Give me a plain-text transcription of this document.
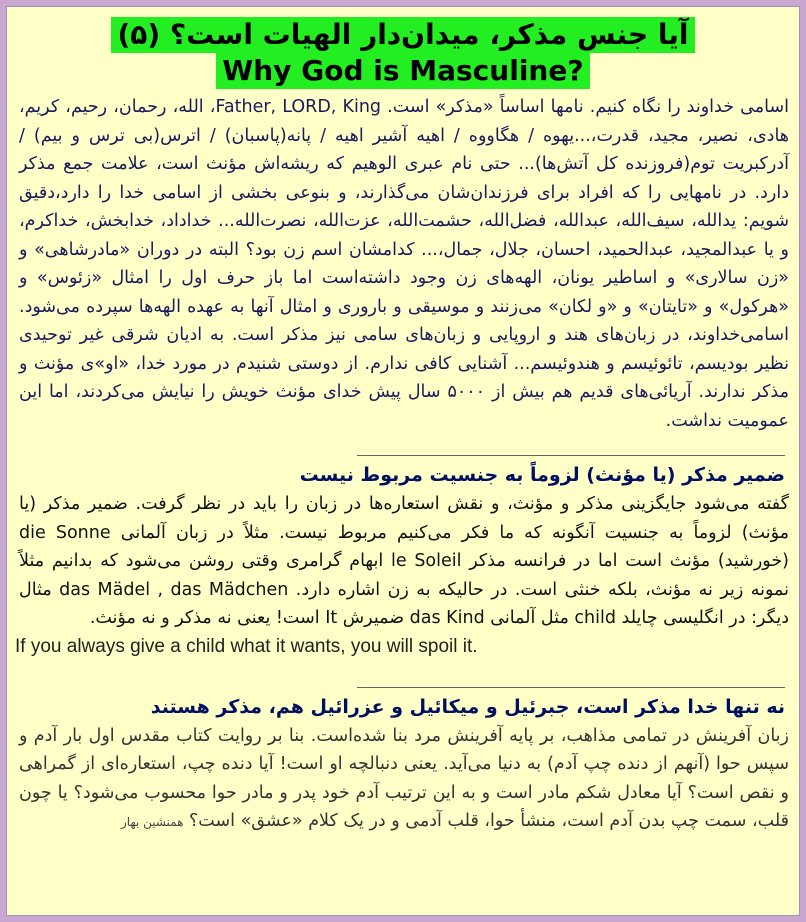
آیا جنس مذکر، میدان‌دار الهیات است؟ (۵)
Why God is Masculine?

اسامی خداوند را نگاه کنیم. نامها اساساً «مذکر» است. Father, LORD, King، الله، رحمان، رحیم، کریم، هادی، نصیر، مجید، قدرت،...یهوه / هگاووه / اهیه آشیر اهیه / پانه(پاسبان) / اترس(بی ترس و بیم) / آدرکبریت توم(فروزنده کل آتش‌ها)... حتی نام عبری الوهیم که ریشه‌اش مؤنث است، علامت جمع مذکر دارد. در نامهایی را که افراد برای فرزندان‌شان می‌گذارند، و بنوعی بخشی از اسامی خدا را دارد،دقیق شویم: یدالله، سیف‌الله، عبدالله، فضل‌الله، حشمت‌الله، عزت‌الله، نصرت‌الله... خداداد، خدابخش، خداکرم، و یا عبدالمجید، عبدالحمید، احسان، جلال، جمال،... کدامشان اسم زن بود؟ البته در دوران «مادرشاهی» و «زن سالاری» و اساطیر یونان، الهه‌های زن وجود داشته‌است اما باز حرف اول را امثال «زئوس» و «هرکول» و «تایتان» و «و لکان» می‌زنند و موسیقی و باروری و امثال آنها به عهده الهه‌ها سپرده می‌شود. اسامی‌خداوند، در زبان‌های هند و اروپایی و زبان‌های سامی نیز مذکر است. به ادیان شرقی غیر توحیدی نظیر بودیسم، تائوئیسم و هندوئیسم... آشنایی کافی ندارم. از دوستی شنیدم در مورد خدا، «او»ی مؤنث و مذکر ندارند. آریائی‌های قدیم هم بیش از ۵۰۰۰ سال پیش خدای مؤنث خویش را نیایش می‌کردند، اما این عمومیت نداشت.

ضمیر مذکر (یا مؤنث) لزوماً به جنسیت مربوط نیست

گفته می‌شود جایگزینی مذکر و مؤنث، و نقش استعاره‌ها در زبان را باید در نظر گرفت. ضمیر مذکر (یا مؤنث) لزوماً به جنسیت آنگونه که ما فکر می‌کنیم مربوط نیست. مثلاً در زبان آلمانی die Sonne (خورشید) مؤنث است اما در فرانسه مذکر le Soleil ابهام گرامری وقتی روشن می‌شود که بدانیم مثلاً نمونه زیر نه مؤنث، بلکه خنثی است. در حالیکه به زن اشاره دارد. das Mädel , das Mädchen مثال دیگر: در انگلیسی چایلد child مثل آلمانی das Kind ضمیرش It است! یعنی نه مذکر و نه مؤنث.

If you always give a child what it wants, you will spoil it.
نه تنها خدا مذکر است، جبرئیل و میکائیل و عزرائیل هم، مذکر هستند

زبان آفرینش در تمامی مذاهب، بر پایه آفرینش مرد بنا شده‌است. بنا بر روایت کتاب مقدس اول بار آدم و سپس حوا (آنهم از دنده چپ آدم) به دنیا می‌آید. یعنی دنبالچه او است! آیا دنده چپ، استعاره‌ای از گمراهی و نقص است؟ آیا معادل شکم مادر است و به این ترتیب آدم خود پدر و مادر حوا محسوب می‌شود؟ یا چون قلب، سمت چپ بدن آدم است، منشأ حوا، قلب آدمی و در یک کلام «عشق» است؟ همنشین بهار
